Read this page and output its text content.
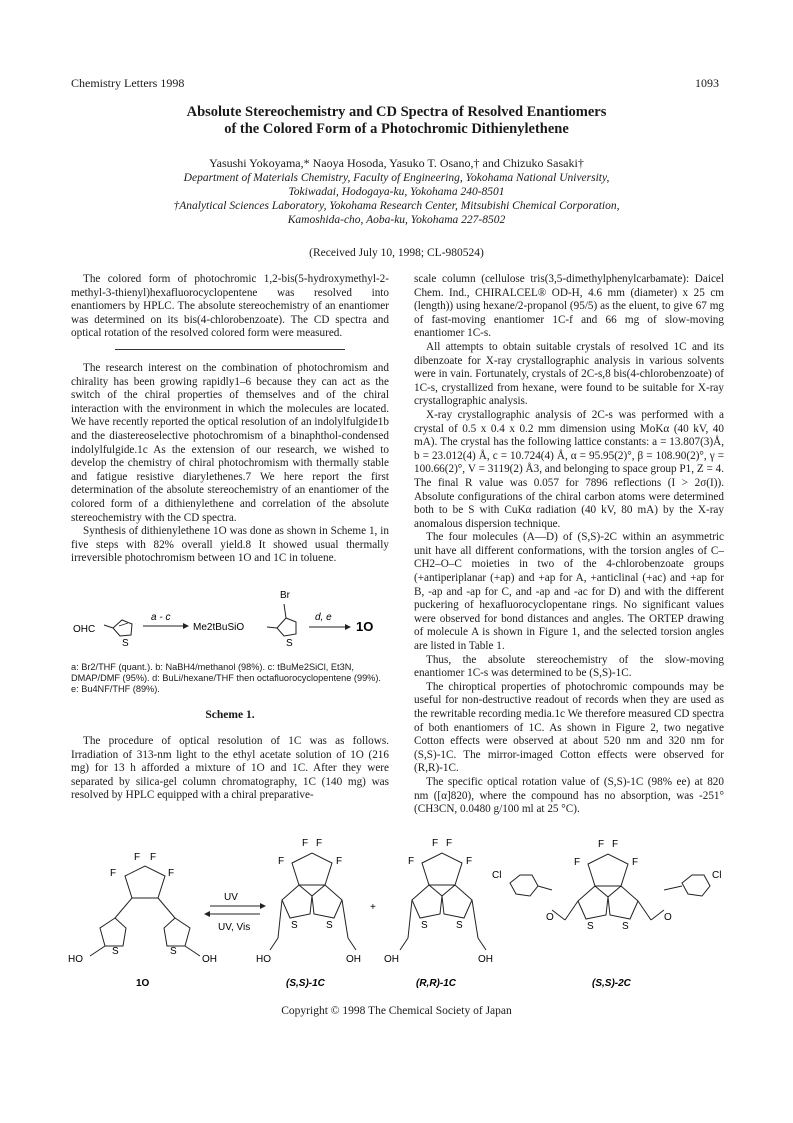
Chemistry Letters 1998	1093
Absolute Stereochemistry and CD Spectra of Resolved Enantiomers
of the Colored Form of a Photochromic Dithienylethene
Yasushi Yokoyama,* Naoya Hosoda, Yasuko T. Osano,† and Chizuko Sasaki†
Department of Materials Chemistry, Faculty of Engineering, Yokohama National University,
Tokiwadai, Hodogaya-ku, Yokohama 240-8501
†Analytical Sciences Laboratory, Yokohama Research Center, Mitsubishi Chemical Corporation,
Kamoshida-cho, Aoba-ku, Yokohama 227-8502
(Received July 10, 1998; CL-980524)

The colored form of photochromic 1,2-bis(5-hydroxymethyl-2-methyl-3-thienyl)hexafluorocyclopentene was resolved into enantiomers by HPLC. The absolute stereochemistry of an enantiomer was determined on its bis(4-chlorobenzoate). The CD spectra and optical rotation of the resolved colored form were measured.

The research interest on the combination of photochromism and chirality has been growing rapidly1–6 because they can act as the switch of the chiral properties of themselves and of the chiral interaction with the environment in which the molecules are located. We have recently reported the optical resolution of an indolylfulgide1b and the diastereoselective photochromism of a binaphthol-condensed indolylfulgide.1c As the extension of our research, we wished to develop the chemistry of chiral photochromism with thermally stable and fatigue resistive diarylethenes.7 We here report the first determination of the absolute stereochemistry of an enantiomer of the colored form of a dithienylethene and correlation of the absolute stereochemistry with the CD spectra.

Synthesis of dithienylethene 1O was done as shown in Scheme 1, in five steps with 82% overall yield.8 It showed usual thermally irreversible photochromism between 1O and 1C in toluene.

OHC
S
a - c
Me2tBuSiO
Br
S
d, e
1O
a: Br2/THF (quant.). b: NaBH4/methanol (98%). c: tBuMe2SiCl, Et3N, DMAP/DMF (95%). d: BuLi/hexane/THF then octafluorocyclopentene (99%). e: Bu4NF/THF (89%).
Scheme 1.

The procedure of optical resolution of 1C was as follows. Irradiation of 313-nm light to the ethyl acetate solution of 1O (216 mg) for 13 h afforded a mixture of 1O and 1C. After they were separated by silica-gel column chromatography, 1C (140 mg) was resolved by HPLC equipped with a chiral preparative-

scale column (cellulose tris(3,5-dimethylphenylcarbamate): Daicel Chem. Ind., CHIRALCEL® OD-H, 4.6 mm (diameter) x 25 cm (length)) using hexane/2-propanol (95/5) as the eluent, to give 67 mg of fast-moving enantiomer 1C-f and 66 mg of slow-moving enantiomer 1C-s.

All attempts to obtain suitable crystals of resolved 1C and its dibenzoate for X-ray crystallographic analysis in various solvents were in vain. Fortunately, crystals of 2C-s,8 bis(4-chlorobenzoate) of 1C-s, crystallized from hexane, were found to be suitable for X-ray crystallographic analysis.

X-ray crystallographic analysis of 2C-s was performed with a crystal of 0.5 x 0.4 x 0.2 mm dimension using MoKα (40 kV, 40 mA). The crystal has the following lattice constants: a = 13.807(3)Å, b = 23.012(4) Å, c = 10.724(4) Å, α = 95.95(2)°, β = 108.90(2)°, γ = 100.66(2)°, V = 3119(2) Å3, and belonging to space group P1, Z = 4. The final R value was 0.057 for 7896 reflections (I > 2σ(I)). Absolute configurations of the chiral carbon atoms were determined both to be S with CuKα radiation (40 kV, 80 mA) by the X-ray anomalous dispersion technique.

The four molecules (A—D) of (S,S)-2C within an asymmetric unit have all different conformations, with the torsion angles of C–CH2–O–C moieties in two of the 4-chlorobenzoate groups (+antiperiplanar (+ap) and +ap for A, +anticlinal (+ac) and +ap for B, -ap and -ap for C, and -ap and -ac for D) and with the different puckering of hexafluorocyclopentane rings. No significant values were observed for bond distances and angles. The ORTEP drawing of molecule A is shown in Figure 1, and the selected torsion angles are listed in Table 1.

Thus, the absolute stereochemistry of the slow-moving enantiomer 1C-s was determined to be (S,S)-1C.

The chiroptical properties of photochromic compounds may be useful for non-destructive readout of records when they are used as the rewritable recording media.1c We therefore measured CD spectra of both enantiomers of 1C. As shown in Figure 2, two negative Cotton effects were observed at about 520 nm and 320 nm for (S,S)-1C. The mirror-imaged Cotton effects were observed for (R,R)-1C.

The specific optical rotation value of (S,S)-1C (98% ee) at 820 nm ([α]820), where the compound has no absorption, was -251°(CH3CN, 0.0480 g/100 ml at 25 °C).

F F
F	F
S	S
HO	OH
1O
UV
UV, Vis
F F
F	F
S	S
HO	OH
(S,S)-1C
+
F F
F	F
S	S
OH	OH
(R,R)-1C
F F
F	F
S	S
Cl	Cl
O	O
(S,S)-2C
Copyright © 1998 The Chemical Society of Japan
